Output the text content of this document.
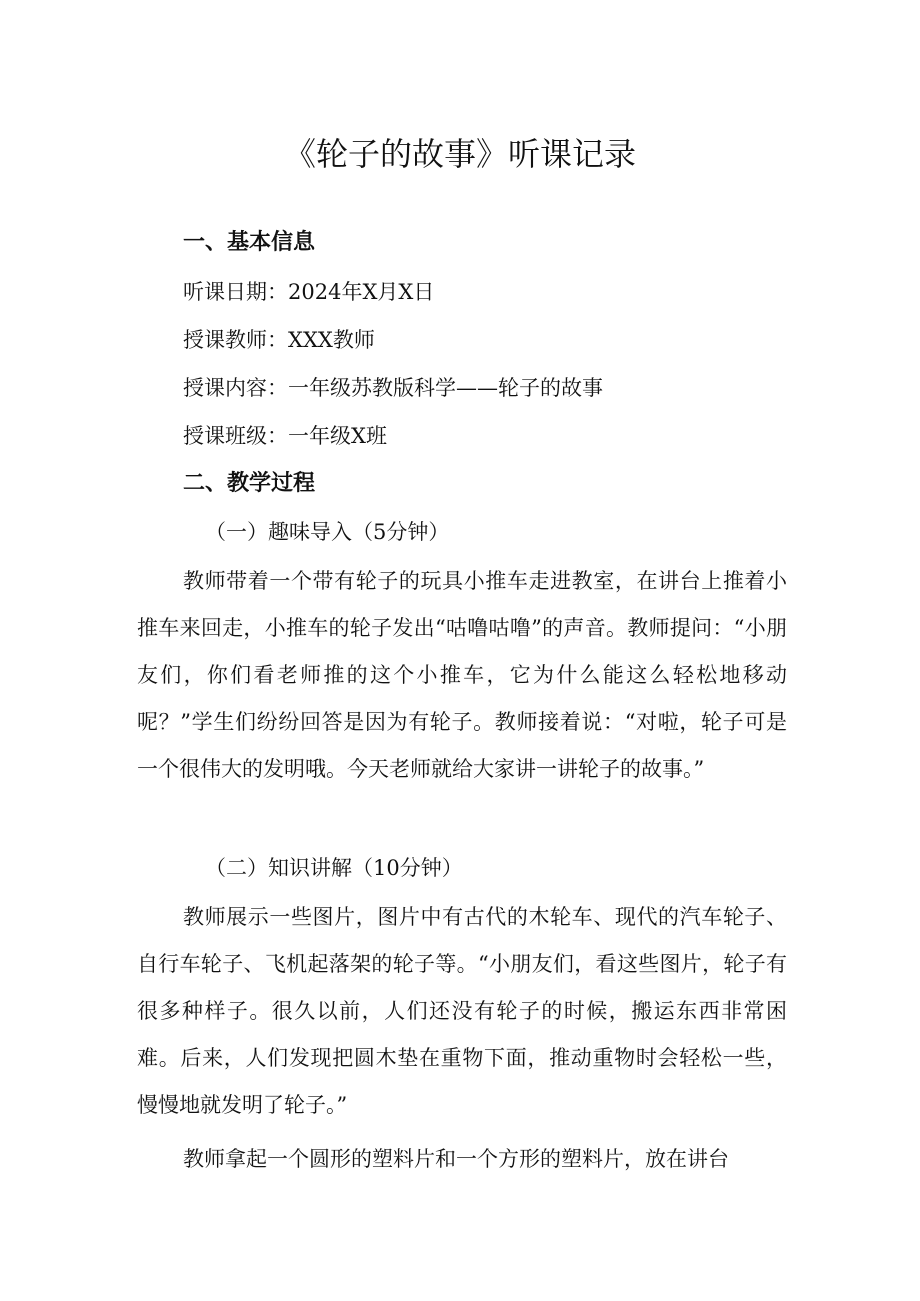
《轮子的故事》听课记录
一、基本信息
听课日期：2024年X月X日
授课教师：XXX教师
授课内容：一年级苏教版科学——轮子的故事
授课班级：一年级X班
二、教学过程
（一）趣味导入（5分钟）
教师带着一个带有轮子的玩具小推车走进教室，在讲台上推着小推车来回走，小推车的轮子发出“咕噜咕噜”的声音。教师提问：“小朋友们，你们看老师推的这个小推车，它为什么能这么轻松地移动呢？”学生们纷纷回答是因为有轮子。教师接着说：“对啦，轮子可是一个很伟大的发明哦。今天老师就给大家讲一讲轮子的故事。”
（二）知识讲解（10分钟）
教师展示一些图片，图片中有古代的木轮车、现代的汽车轮子、自行车轮子、飞机起落架的轮子等。“小朋友们，看这些图片，轮子有很多种样子。很久以前，人们还没有轮子的时候，搬运东西非常困难。后来，人们发现把圆木垫在重物下面，推动重物时会轻松一些，慢慢地就发明了轮子。”
教师拿起一个圆形的塑料片和一个方形的塑料片，放在讲台
